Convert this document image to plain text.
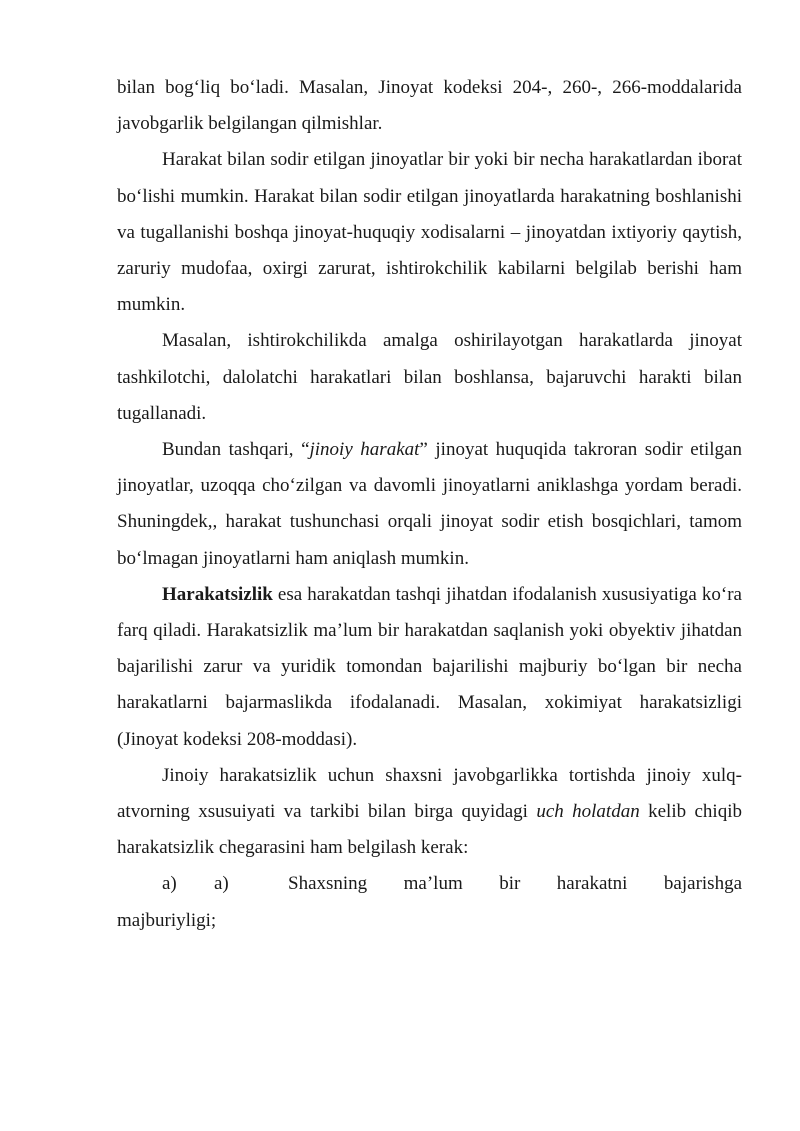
bilan bog‘liq bo‘ladi. Masalan, Jinoyat kodeksi 204-, 260-, 266-moddalarida javobgarlik belgilangan qilmishlar.

Harakat bilan sodir etilgan jinoyatlar bir yoki bir necha harakatlardan iborat bo‘lishi mumkin. Harakat bilan sodir etilgan jinoyatlarda harakatning boshlanishi va tugallanishi boshqa jinoyat-huquqiy xodisalarni – jinoyatdan ixtiyoriy qaytish, zaruriy mudofaa, oxirgi zarurat, ishtirokchilik kabilarni belgilab berishi ham mumkin.

Masalan, ishtirokchilikda amalga oshirilayotgan harakatlarda jinoyat tashkilotchi, dalolatchi harakatlari bilan boshlansa, bajaruvchi harakti bilan tugallanadi.

Bundan tashqari, “jinoiy harakat” jinoyat huquqida takroran sodir etilgan jinoyatlar, uzoqqa cho‘zilgan va davomli jinoyatlarni aniklashga yordam beradi. Shuningdek,, harakat tushunchasi orqali jinoyat sodir etish bosqichlari, tamom bo‘lmagan jinoyatlarni ham aniqlash mumkin.

Harakatsizlik esa harakatdan tashqi jihatdan ifodalanish xususiyatiga ko‘ra farq qiladi. Harakatsizlik ma’lum bir harakatdan saqlanish yoki obyektiv jihatdan bajarilishi zarur va yuridik tomondan bajarilishi majburiy bo‘lgan bir necha harakatlarni bajarmaslikda ifodalanadi. Masalan, xokimiyat harakatsizligi (Jinoyat kodeksi 208-moddasi).

Jinoiy harakatsizlik uchun shaxsni javobgarlikka tortishda jinoiy xulq-atvorning xsusuiyati va tarkibi bilan birga quyidagi uch holatdan kelib chiqib harakatsizlik chegarasini ham belgilash kerak:

a)	a)	Shaxsning ma’lum bir harakatni bajarishga

majburiyligi;
